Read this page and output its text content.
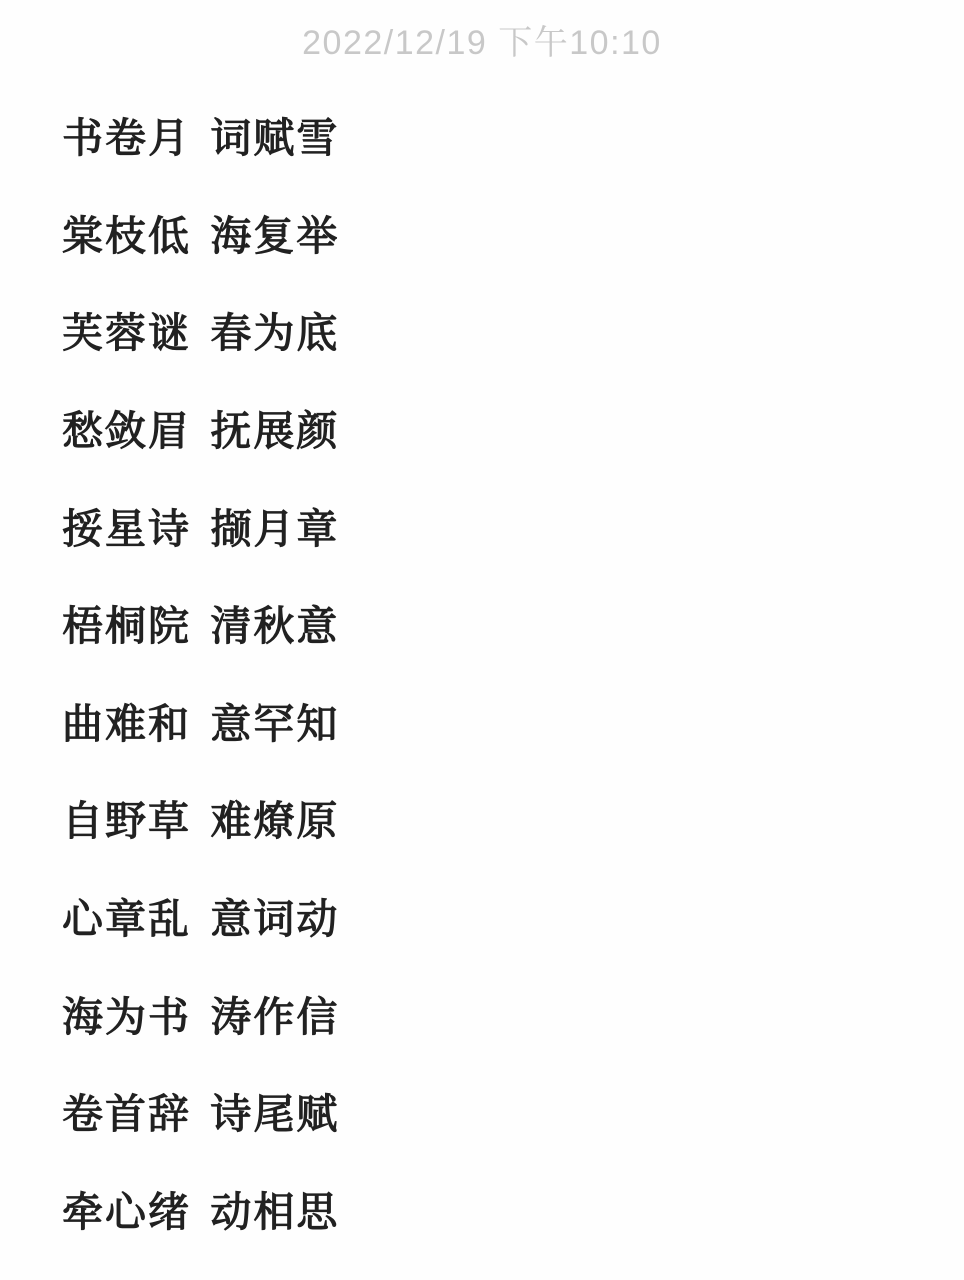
2022/12/19 下午10:10
书卷月 词赋雪
棠枝低 海复举
芙蓉谜 春为底
愁敛眉 抚展颜
挼星诗 撷月章
梧桐院 清秋意
曲难和 意罕知
自野草 难燎原
心章乱 意词动
海为书 涛作信
卷首辞 诗尾赋
牵心绪 动相思
